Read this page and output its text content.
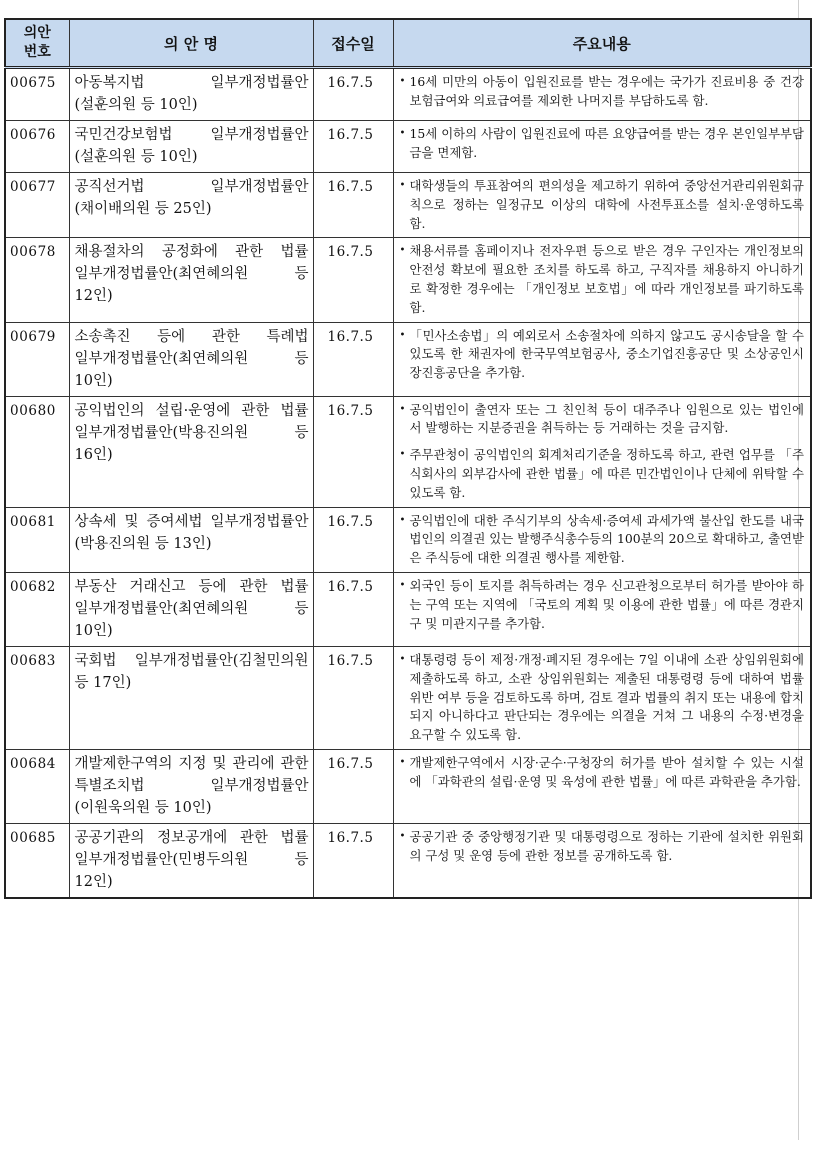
의안
번호	의 안 명	접수일	주요내용
00675	아동복지법 일부개정법률안(설훈의원 등 10인)	16.7.5	• 16세 미만의 아동이 입원진료를 받는 경우에는 국가가 진료비용 중 건강보험급여와 의료급여를 제외한 나머지를 부담하도록 함.

00676	국민건강보험법 일부개정법률안(설훈의원 등 10인)	16.7.5	• 15세 이하의 사람이 입원진료에 따른 요양급여를 받는 경우 본인일부부담금을 면제함.

00677	공직선거법 일부개정법률안(채이배의원 등 25인)	16.7.5	• 대학생들의 투표참여의 편의성을 제고하기 위하여 중앙선거관리위원회규칙으로 정하는 일정규모 이상의 대학에 사전투표소를 설치·운영하도록 함.

00678	채용절차의 공정화에 관한 법률 일부개정법률안(최연혜의원 등 12인)	16.7.5	• 채용서류를 홈페이지나 전자우편 등으로 받은 경우 구인자는 개인정보의 안전성 확보에 필요한 조치를 하도록 하고, 구직자를 채용하지 아니하기로 확정한 경우에는 「개인정보 보호법」에 따라 개인정보를 파기하도록 함.

00679	소송촉진 등에 관한 특례법 일부개정법률안(최연혜의원 등 10인)	16.7.5	• 「민사소송법」의 예외로서 소송절차에 의하지 않고도 공시송달을 할 수 있도록 한 채권자에 한국무역보험공사, 중소기업진흥공단 및 소상공인시장진흥공단을 추가함.

00680	공익법인의 설립·운영에 관한 법률 일부개정법률안(박용진의원 등 16인)	16.7.5	• 공익법인이 출연자 또는 그 친인척 등이 대주주나 임원으로 있는 법인에서 발행하는 지분증권을 취득하는 등 거래하는 것을 금지함.
• 주무관청이 공익법인의 회계처리기준을 정하도록 하고, 관련 업무를 「주식회사의 외부감사에 관한 법률」에 따른 민간법인이나 단체에 위탁할 수 있도록 함.

00681	상속세 및 증여세법 일부개정법률안(박용진의원 등 13인)	16.7.5	• 공익법인에 대한 주식기부의 상속세·증여세 과세가액 불산입 한도를 내국법인의 의결권 있는 발행주식총수등의 100분의 20으로 확대하고, 출연받은 주식등에 대한 의결권 행사를 제한함.

00682	부동산 거래신고 등에 관한 법률 일부개정법률안(최연혜의원 등 10인)	16.7.5	• 외국인 등이 토지를 취득하려는 경우 신고관청으로부터 허가를 받아야 하는 구역 또는 지역에 「국토의 계획 및 이용에 관한 법률」에 따른 경관지구 및 미관지구를 추가함.

00683	국회법 일부개정법률안(김철민의원 등 17인)	16.7.5	• 대통령령 등이 제정·개정·폐지된 경우에는 7일 이내에 소관 상임위원회에 제출하도록 하고, 소관 상임위원회는 제출된 대통령령 등에 대하여 법률 위반 여부 등을 검토하도록 하며, 검토 결과 법률의 취지 또는 내용에 합치되지 아니하다고 판단되는 경우에는 의결을 거쳐 그 내용의 수정·변경을 요구할 수 있도록 함.

00684	개발제한구역의 지정 및 관리에 관한 특별조치법 일부개정법률안(이원욱의원 등 10인)	16.7.5	• 개발제한구역에서 시장·군수·구청장의 허가를 받아 설치할 수 있는 시설에 「과학관의 설립·운영 및 육성에 관한 법률」에 따른 과학관을 추가함.

00685	공공기관의 정보공개에 관한 법률 일부개정법률안(민병두의원 등 12인)	16.7.5	• 공공기관 중 중앙행정기관 및 대통령령으로 정하는 기관에 설치한 위원회의 구성 및 운영 등에 관한 정보를 공개하도록 함.
